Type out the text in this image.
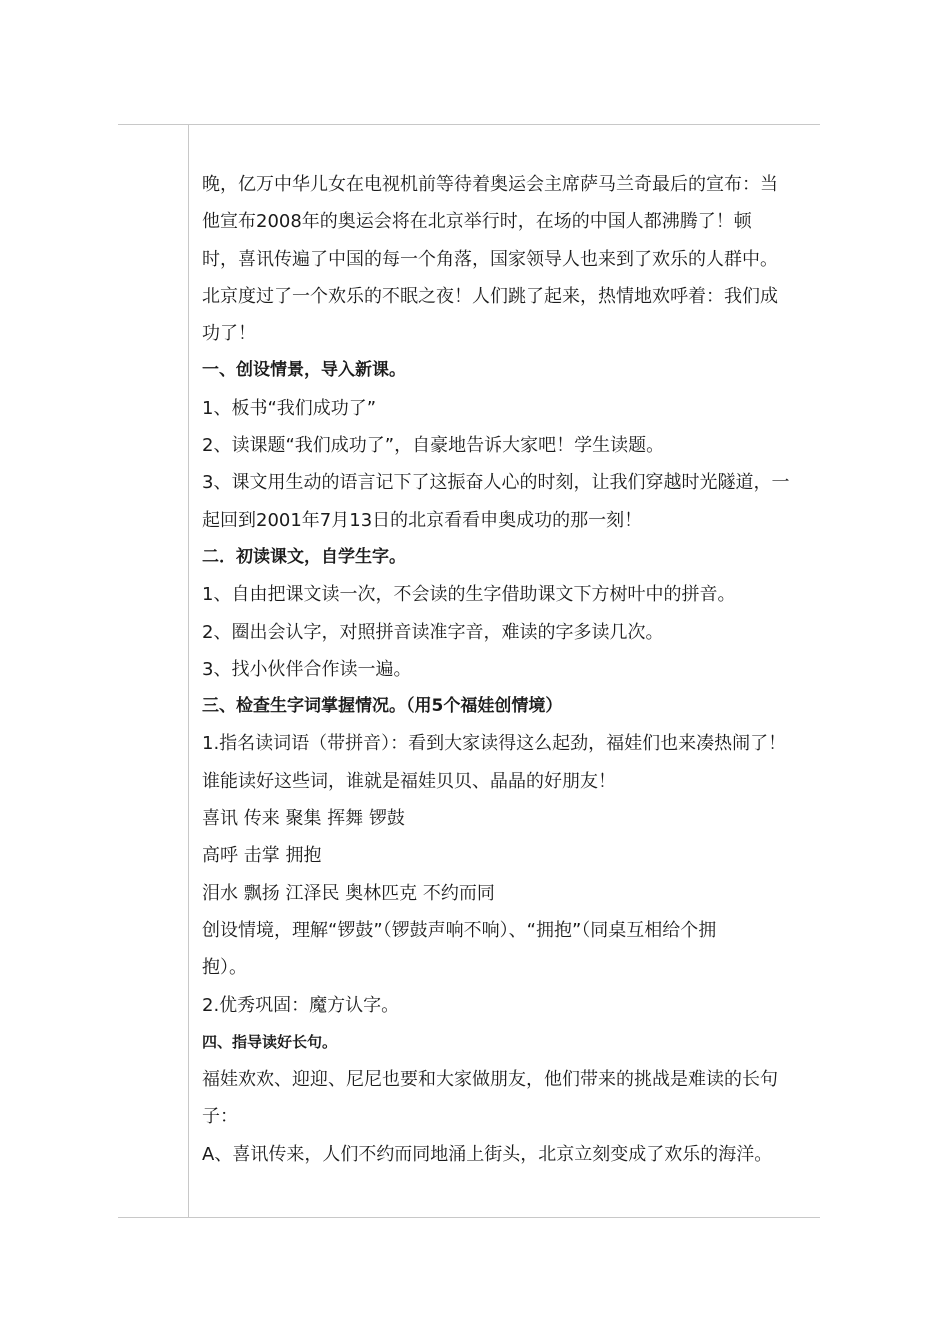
晚，亿万中华儿女在电视机前等待着奥运会主席萨马兰奇最后的宣布：当
他宣布2008年的奥运会将在北京举行时，在场的中国人都沸腾了！顿
时，喜讯传遍了中国的每一个角落，国家领导人也来到了欢乐的人群中。
北京度过了一个欢乐的不眠之夜！人们跳了起来，热情地欢呼着：我们成
功了！
一、创设情景，导入新课。
1、板书“我们成功了”
2、读课题“我们成功了”，自豪地告诉大家吧！学生读题。
3、课文用生动的语言记下了这振奋人心的时刻，让我们穿越时光隧道，一
起回到2001年7月13日的北京看看申奥成功的那一刻！
二．初读课文，自学生字。
1、自由把课文读一次，不会读的生字借助课文下方树叶中的拼音。
2、圈出会认字，对照拼音读准字音，难读的字多读几次。
3、找小伙伴合作读一遍。
三、检查生字词掌握情况。（用5个福娃创情境）
1.指名读词语（带拼音）：看到大家读得这么起劲，福娃们也来凑热闹了！
谁能读好这些词，谁就是福娃贝贝、晶晶的好朋友！
喜讯 传来 聚集 挥舞 锣鼓
高呼 击掌 拥抱
泪水 飘扬 江泽民 奥林匹克 不约而同
创设情境，理解“锣鼓”（锣鼓声响不响）、“拥抱”（同桌互相给个拥
抱）。
2.优秀巩固：魔方认字。
四、指导读好长句。
福娃欢欢、迎迎、尼尼也要和大家做朋友，他们带来的挑战是难读的长句
子：
A、喜讯传来，人们不约而同地涌上街头，北京立刻变成了欢乐的海洋。
